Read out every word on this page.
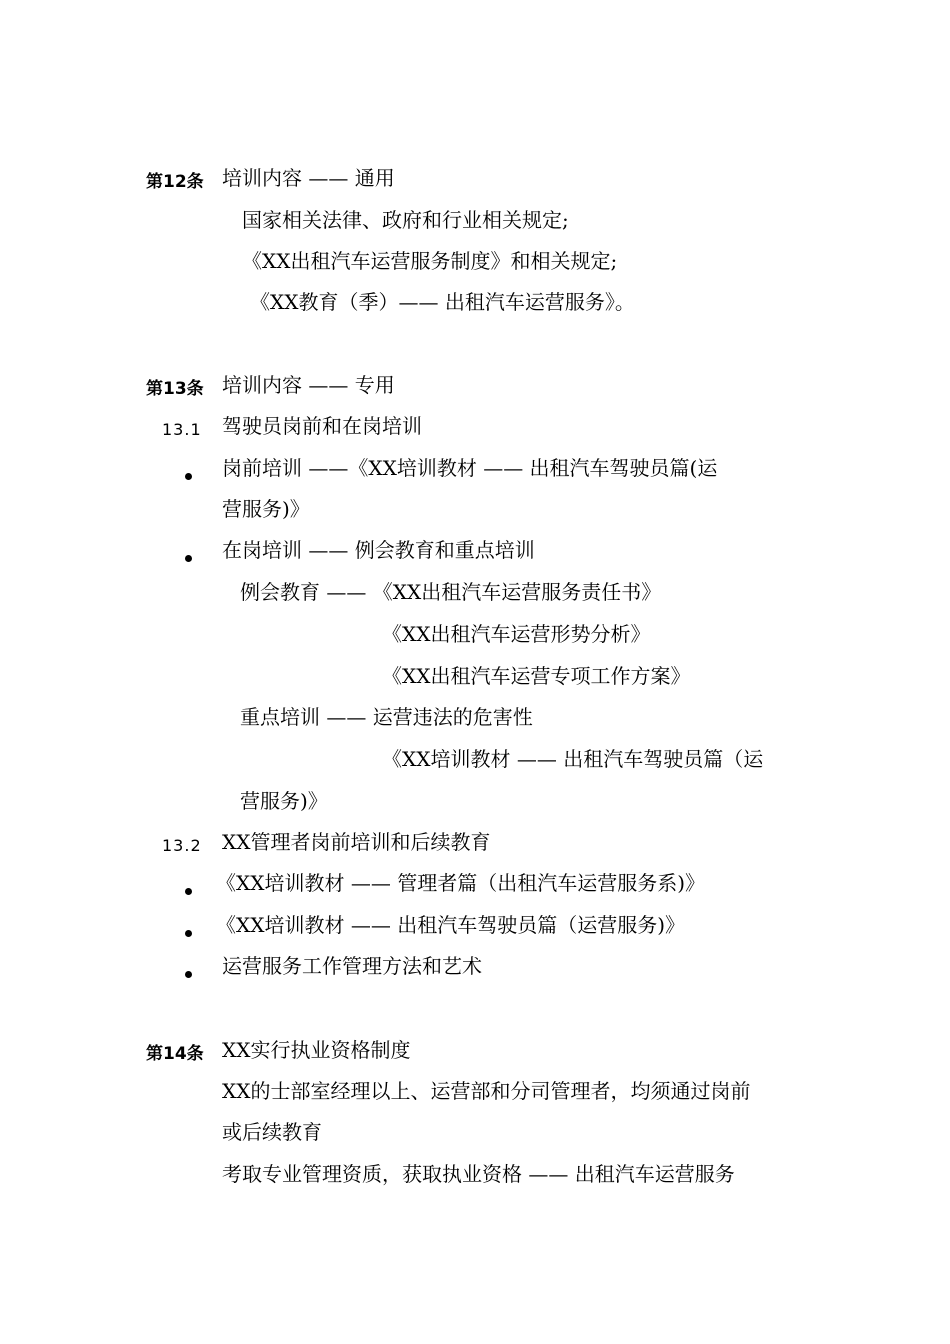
第12条 培训内容 —— 通用
国家相关法律、政府和行业相关规定;
《XX出租汽车运营服务制度》和相关规定;
《XX教育（季）—— 出租汽车运营服务》。
第13条 培训内容 —— 专用
13.1 驾驶员岗前和在岗培训
岗前培训 ——《XX培训教材 —— 出租汽车驾驶员篇(运
营服务)》
在岗培训 —— 例会教育和重点培训
例会教育 —— 《XX出租汽车运营服务责任书》
《XX出租汽车运营形势分析》
《XX出租汽车运营专项工作方案》
重点培训 —— 运营违法的危害性
《XX培训教材 —— 出租汽车驾驶员篇（运
营服务)》
13.2 XX管理者岗前培训和后续教育
《XX培训教材 —— 管理者篇（出租汽车运营服务系)》
《XX培训教材 —— 出租汽车驾驶员篇（运营服务)》
运营服务工作管理方法和艺术
第14条 XX实行执业资格制度
XX的士部室经理以上、运营部和分司管理者，均须通过岗前
或后续教育
考取专业管理资质，获取执业资格 —— 出租汽车运营服务
